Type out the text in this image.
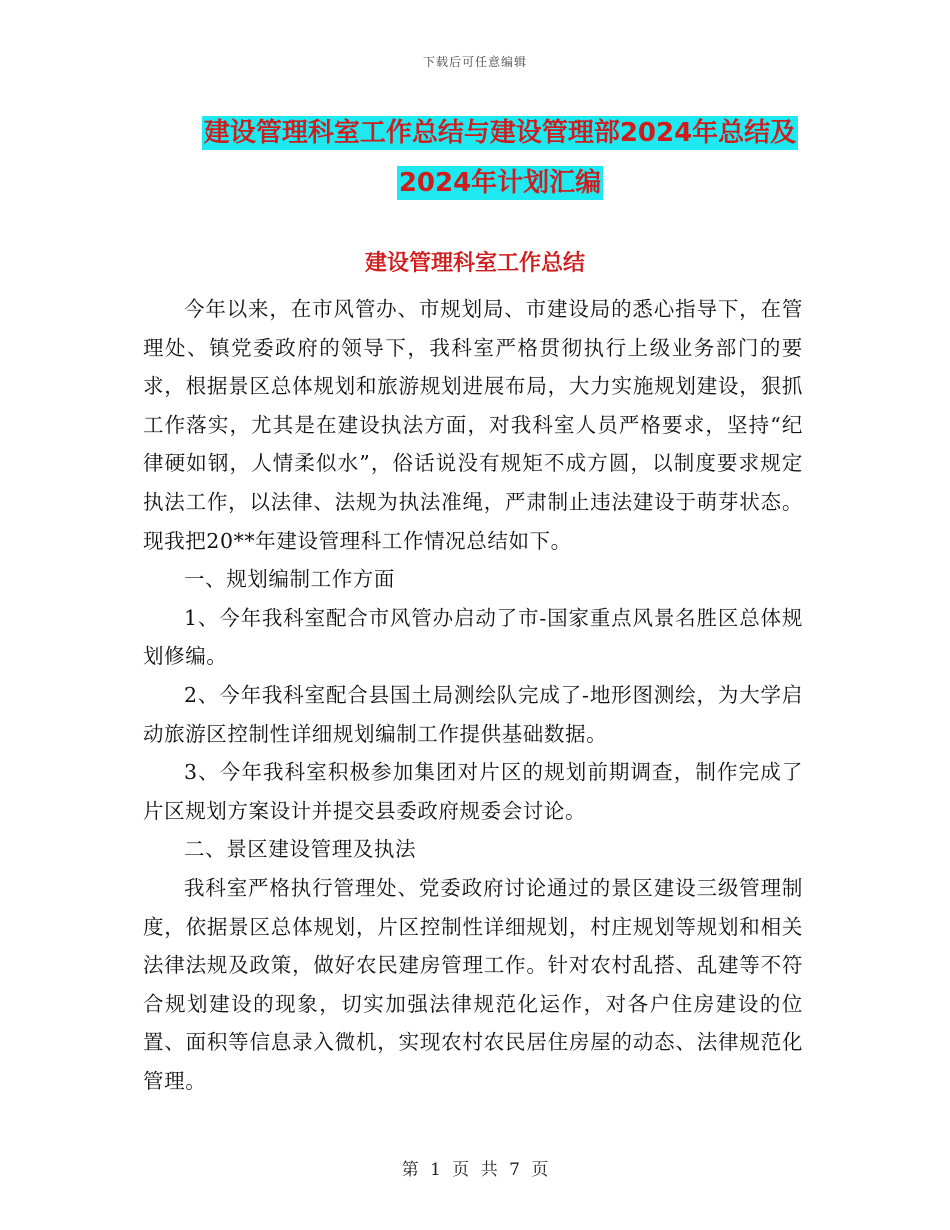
下载后可任意编辑
建设管理科室工作总结与建设管理部2024年总结及
2024年计划汇编
建设管理科室工作总结

今年以来，在市风管办、市规划局、市建设局的悉心指导下，在管理处、镇党委政府的领导下，我科室严格贯彻执行上级业务部门的要求，根据景区总体规划和旅游规划进展布局，大力实施规划建设，狠抓工作落实，尤其是在建设执法方面，对我科室人员严格要求，坚持“纪律硬如钢，人情柔似水”，俗话说没有规矩不成方圆，以制度要求规定执法工作，以法律、法规为执法准绳，严肃制止违法建设于萌芽状态。现我把20**年建设管理科工作情况总结如下。

一、规划编制工作方面

1、今年我科室配合市风管办启动了市-国家重点风景名胜区总体规划修编。

2、今年我科室配合县国土局测绘队完成了-地形图测绘，为大学启动旅游区控制性详细规划编制工作提供基础数据。

3、今年我科室积极参加集团对片区的规划前期调查，制作完成了片区规划方案设计并提交县委政府规委会讨论。

二、景区建设管理及执法

我科室严格执行管理处、党委政府讨论通过的景区建设三级管理制度，依据景区总体规划，片区控制性详细规划，村庄规划等规划和相关法律法规及政策，做好农民建房管理工作。针对农村乱搭、乱建等不符合规划建设的现象，切实加强法律规范化运作，对各户住房建设的位置、面积等信息录入微机，实现农村农民居住房屋的动态、法律规范化管理。

第 1 页 共 7 页
